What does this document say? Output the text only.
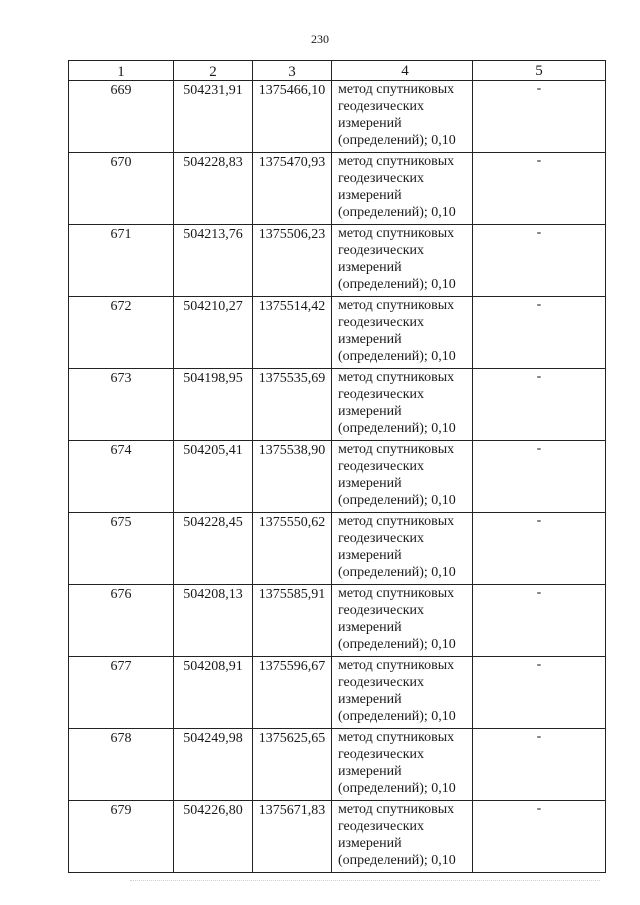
230
1	2	3	4	5
669	504231,91	1375466,10	метод спутниковых
геодезических
измерений
(определений); 0,10	-
670	504228,83	1375470,93	метод спутниковых
геодезических
измерений
(определений); 0,10	-
671	504213,76	1375506,23	метод спутниковых
геодезических
измерений
(определений); 0,10	-
672	504210,27	1375514,42	метод спутниковых
геодезических
измерений
(определений); 0,10	-
673	504198,95	1375535,69	метод спутниковых
геодезических
измерений
(определений); 0,10	-
674	504205,41	1375538,90	метод спутниковых
геодезических
измерений
(определений); 0,10	-
675	504228,45	1375550,62	метод спутниковых
геодезических
измерений
(определений); 0,10	-
676	504208,13	1375585,91	метод спутниковых
геодезических
измерений
(определений); 0,10	-
677	504208,91	1375596,67	метод спутниковых
геодезических
измерений
(определений); 0,10	-
678	504249,98	1375625,65	метод спутниковых
геодезических
измерений
(определений); 0,10	-
679	504226,80	1375671,83	метод спутниковых
геодезических
измерений
(определений); 0,10	-
